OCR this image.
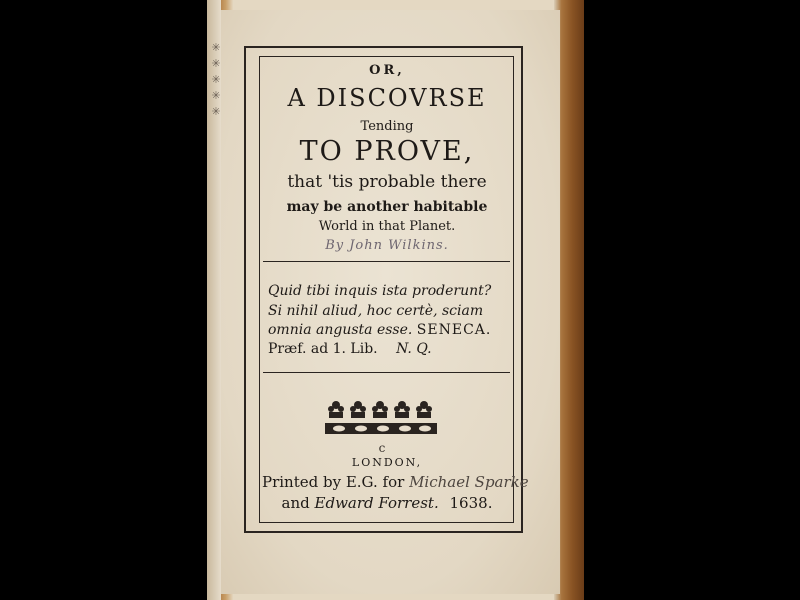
✳
✳
✳
✳
✳
OR,
A DISCOVRSE
Tending
TO PROVE,
that 'tis probable there
may be another habitable
World in that Planet.
By John Wilkins.
Quid tibi inquis ista proderunt?
Si nihil aliud, hoc certè, sciam
omnia angusta esse. SENECA.
Præf. ad 1. Lib. N. Q.
c
LONDON,
Printed by E.G. for Michael Sparke
and Edward Forrest. 1638.
